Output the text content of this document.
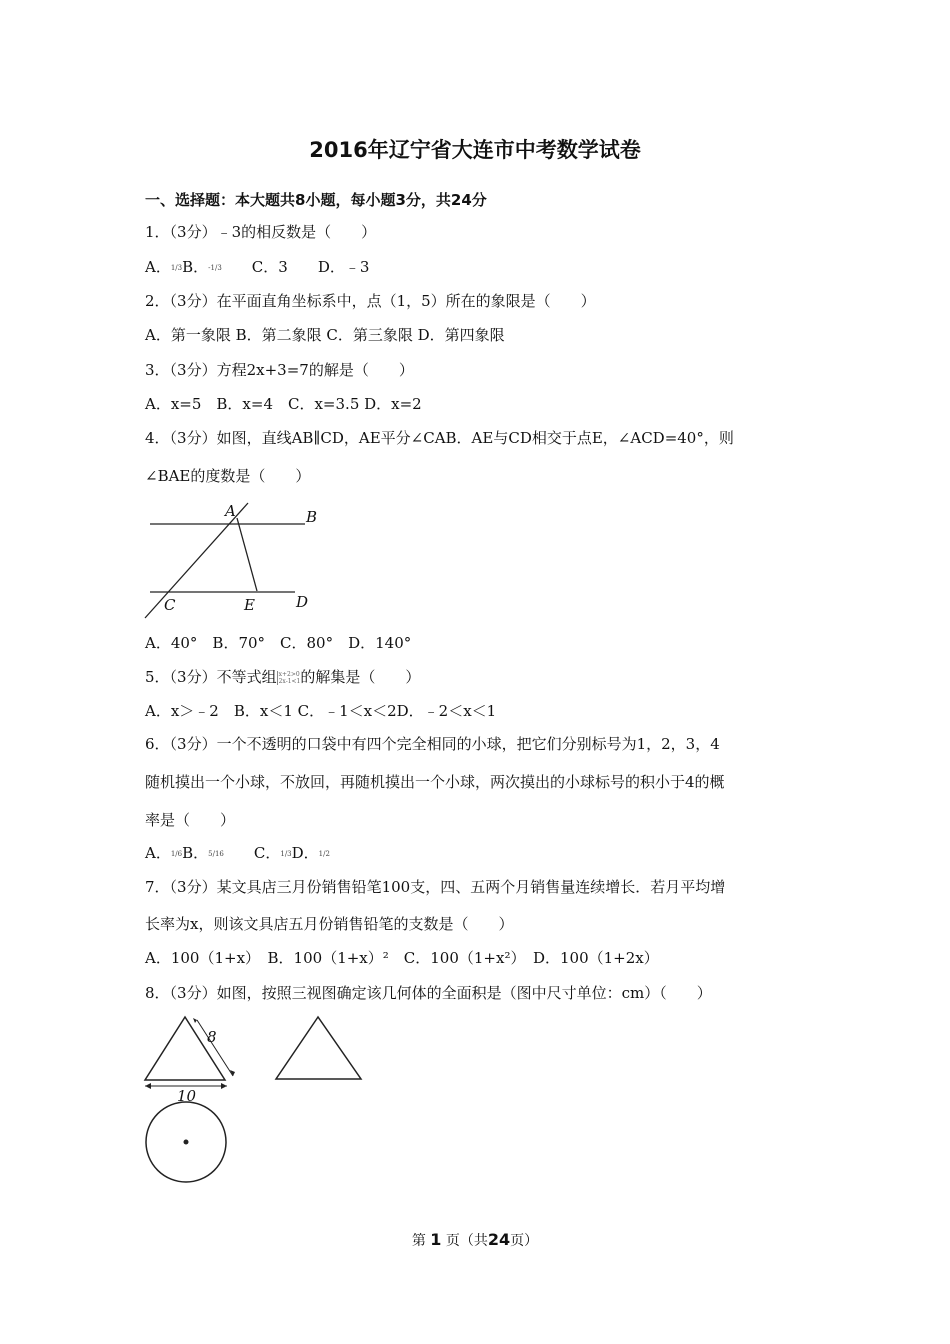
2016年辽宁省大连市中考数学试卷
一、选择题：本大题共8小题，每小题3分，共24分
1．（3分）﹣3的相反数是（　　）
A．1/3B．-1/3　　 C．3　　D．﹣3
2．（3分）在平面直角坐标系中，点（1，5）所在的象限是（　　）
A．第一象限 B．第二象限 C．第三象限 D．第四象限
3．（3分）方程2x+3=7的解是（　　）
A．x=5　B．x=4　C．x=3.5 D．x=2
4．（3分）如图，直线AB∥CD，AE平分∠CAB．AE与CD相交于点E，∠ACD=40°，则
∠BAE的度数是（　　）
A	B
C	E	D
A．40°　B．70°　C．80°　D．140°
5．（3分）不等式组 x+2>0
2x-1<1的解集是（　　）
A．x＞﹣2　B．x＜1 C．﹣1＜x＜2D．﹣2＜x＜1
6．（3分）一个不透明的口袋中有四个完全相同的小球，把它们分别标号为1，2，3，4
随机摸出一个小球，不放回，再随机摸出一个小球，两次摸出的小球标号的积小于4的概
率是（　　）
A．1/6B．5/16　　 C．1/3D．1/2
7．（3分）某文具店三月份销售铅笔100支，四、五两个月销售量连续增长．若月平均增
长率为x，则该文具店五月份销售铅笔的支数是（　　）
A．100（1+x）　B．100（1+x）²　C．100（1+x²）　D．100（1+2x）
8．（3分）如图，按照三视图确定该几何体的全面积是（图中尺寸单位：cm）（　　）
8
10
第 1 页（共24页）
